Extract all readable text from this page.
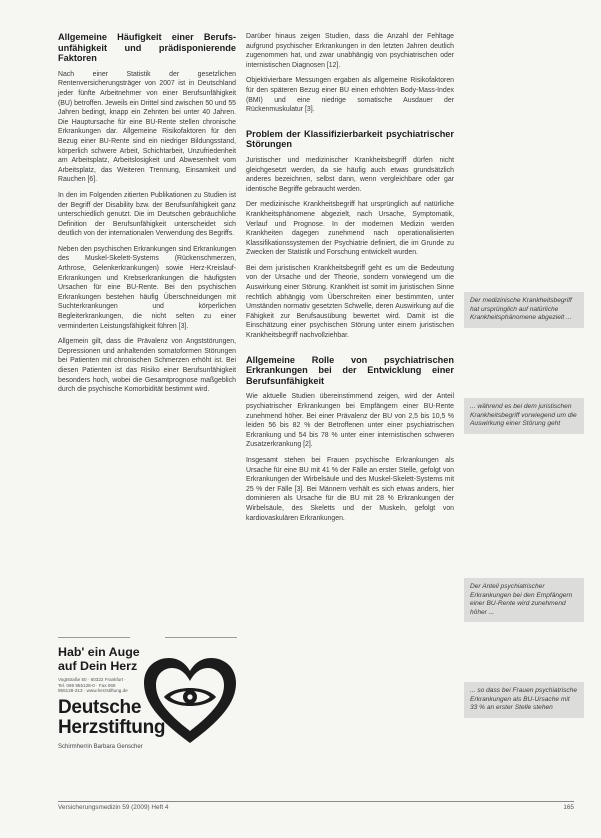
Allgemeine Häufigkeit einer Berufsunfähigkeit und prädisponierende Faktoren

Nach einer Statistik der gesetzlichen Rentenversicherungsträger von 2007 ist in Deutschland jeder fünfte Arbeitnehmer von einer Berufsunfähigkeit (BU) betroffen. Jeweils ein Drittel sind zwischen 50 und 55 Jahren bedingt, knapp ein Zehnten bei unter 40 Jahren. Die Hauptursache für eine BU-Rente stellen chronische Erkrankungen dar. Allgemeine Risikofaktoren für den Bezug einer BU-Rente sind ein niedriger Bildungsstand, körperlich schwere Arbeit, Schichtarbeit, Unzufriedenheit am Arbeitsplatz, Arbeitslosigkeit und Abwesenheit vom Arbeitsplatz, das Weiteren Trennung, Einsamkeit und Rauchen [6].

In den im Folgenden zitierten Publikationen zu Studien ist der Begriff der Disability bzw. der Berufsunfähigkeit ganz unterschiedlich genutzt. Die im Deutschen gebräuchliche Definition der Berufsunfähigkeit unterscheidet sich deutlich von der internationalen Verwendung des Begriffs.

Neben den psychischen Erkrankungen sind Erkrankungen des Muskel-Skelett-Systems (Rückenschmerzen, Arthrose, Gelenkerkrankungen) sowie Herz-Kreislauf-Erkrankungen und Krebserkrankungen die häufigsten Ursachen für eine BU-Rente. Bei den psychischen Erkrankungen bestehen häufig Überschneidungen mit Suchterkrankungen und körperlichen Begleiterkrankungen, die nicht selten zu einer verminderten Leistungsfähigkeit führen [3].

Allgemein gilt, dass die Prävalenz von Angststörungen, Depressionen und anhaltenden somatoformen Störungen bei Patienten mit chronischen Schmerzen erhöht ist. Bei diesen Patienten ist das Risiko einer Berufsunfähigkeit besonders hoch, wobei die Gesamtprognose maßgeblich durch die psychische Komorbidität bestimmt wird.

Darüber hinaus zeigen Studien, dass die Anzahl der Fehltage aufgrund psychischer Erkrankungen in den letzten Jahren deutlich zugenommen hat, und zwar unabhängig von psychiatrischen oder internistischen Diagnosen [12].

Objektivierbare Messungen ergaben als allgemeine Risikofaktoren für den späteren Bezug einer BU einen erhöhten Body-Mass-Index (BMI) und eine niedrige somatische Ausdauer der Rückenmuskulatur [3].

Problem der Klassifizierbarkeit psychiatrischer Störungen

Juristischer und medizinischer Krankheitsbegriff dürfen nicht gleichgesetzt werden, da sie häufig auch etwas grundsätzlich anderes bezeichnen, selbst dann, wenn vergleichbare oder gar identische Begriffe gebraucht werden.

Der medizinische Krankheitsbegriff hat ursprünglich auf natürliche Krankheitsphänomene abgezielt, nach Ursache, Symptomatik, Verlauf und Prognose. In der modernen Medizin werden Krankheiten dagegen zunehmend nach operationalisierten Klassifikationssystemen der Psychiatrie definiert, die im Grunde zu Zwecken der Statistik und Forschung entwickelt wurden.

Bei dem juristischen Krankheitsbegriff geht es um die Bedeutung von der Ursache und der Theorie, sondern vorwiegend um die Auswirkung einer Störung. Krankheit ist somit im juristischen Sinne rechtlich abhängig vom Überschreiten einer bestimmten, unter Umständen normativ gesetzten Schwelle, deren Auswirkung auf die Fähigkeit zur Berufsausübung bewertet wird. Damit ist die Einschätzung einer psychischen Störung unter einem juristischen Krankheitsbegriff nachvollziehbar.

Allgemeine Rolle von psychiatrischen Erkrankungen bei der Entwicklung einer Berufsunfähigkeit

Wie aktuelle Studien übereinstimmend zeigen, wird der Anteil psychiatrischer Erkrankungen bei Empfängern einer BU-Rente zunehmend höher. Bei einer Prävalenz der BU von 2,5 bis 10,5 % leiden 56 bis 82 % der Betroffenen unter einer psychiatrischen Erkrankung und 54 bis 78 % unter einer internistischen schweren Zusatzerkrankung [2].

Insgesamt stehen bei Frauen psychische Erkrankungen als Ursache für eine BU mit 41 % der Fälle an erster Stelle, gefolgt von Erkrankungen der Wirbelsäule und des Muskel-Skelett-Systems mit 25 % der Fälle [3]. Bei Männern verhält es sich etwas anders, hier dominieren als Ursache für die BU mit 28 % Erkrankungen der Wirbelsäule, des Skeletts und der Muskeln, gefolgt von kardiovaskulären Erkrankungen.

Der medizinische Krankheitsbegriff hat ursprünglich auf natürliche Krankheitsphänomene abgezielt ...
... während es bei dem juristischen Krankheitsbegriff vorwiegend um die Auswirkung einer Störung geht
Der Anteil psychiatrischer Erkrankungen bei den Empfängern einer BU-Rente wird zunehmend höher ...
... so dass bei Frauen psychiatrische Erkrankungen als BU-Ursache mit 33 % an erster Stelle stehen
Hab' ein Auge
auf Dein Herz
Vogtstraße 50 · 60322 Frankfurt · Tel. 069 955128-0 · Fax 069 955128-313 · www.herzstiftung.de
Deutsche
Herzstiftung
Schirmherrin Barbara Genscher
Versicherungsmedizin 59 (2009) Heft 4	165
